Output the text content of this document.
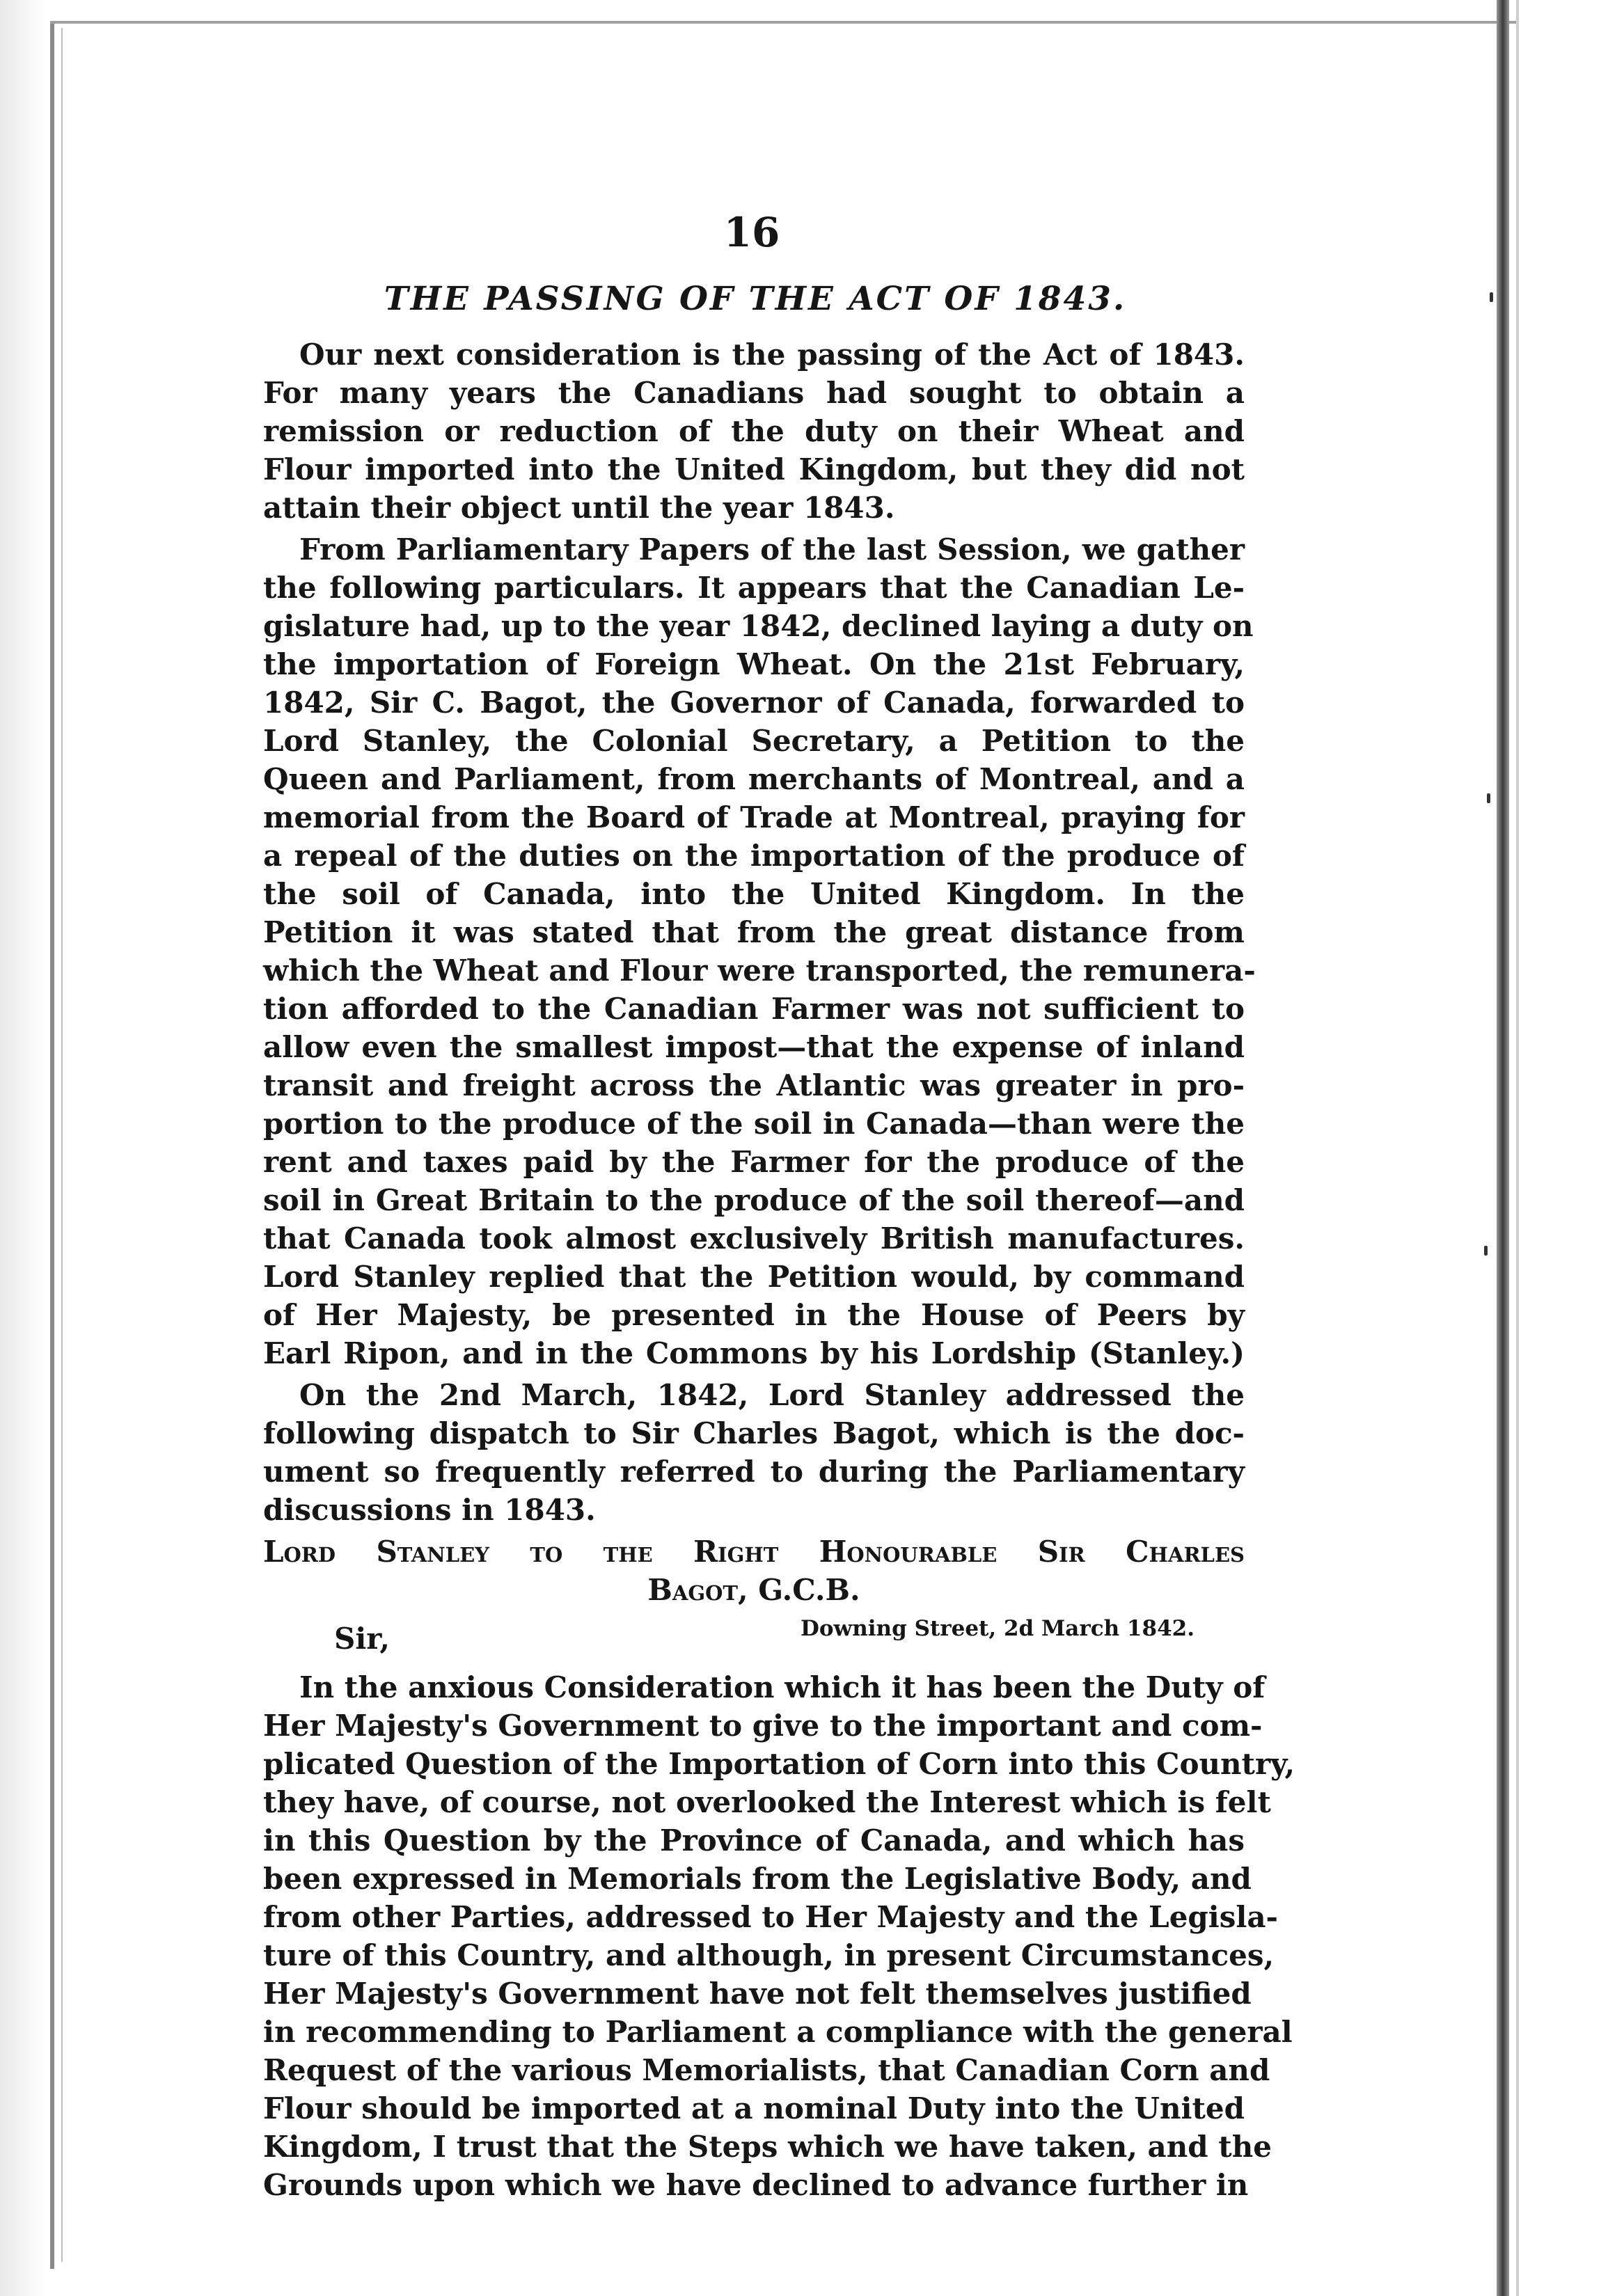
16
THE PASSING OF THE ACT OF 1843.

Our next consideration is the passing of the Act of 1843.

For many years the Canadians had sought to obtain a

remission or reduction of the duty on their Wheat and

Flour imported into the United Kingdom, but they did not

attain their object until the year 1843.

From Parliamentary Papers of the last Session, we gather

the following particulars. It appears that the Canadian Le-

gislature had, up to the year 1842, declined laying a duty on

the importation of Foreign Wheat. On the 21st February,

1842, Sir C. Bagot, the Governor of Canada, forwarded to

Lord Stanley, the Colonial Secretary, a Petition to the

Queen and Parliament, from merchants of Montreal, and a

memorial from the Board of Trade at Montreal, praying for

a repeal of the duties on the importation of the produce of

the soil of Canada, into the United Kingdom. In the

Petition it was stated that from the great distance from

which the Wheat and Flour were transported, the remunera-

tion afforded to the Canadian Farmer was not sufficient to

allow even the smallest impost—that the expense of inland

transit and freight across the Atlantic was greater in pro-

portion to the produce of the soil in Canada—than were the

rent and taxes paid by the Farmer for the produce of the

soil in Great Britain to the produce of the soil thereof—and

that Canada took almost exclusively British manufactures.

Lord Stanley replied that the Petition would, by command

of Her Majesty, be presented in the House of Peers by

Earl Ripon, and in the Commons by his Lordship (Stanley.)

On the 2nd March, 1842, Lord Stanley addressed the

following dispatch to Sir Charles Bagot, which is the doc-

ument so frequently referred to during the Parliamentary

discussions in 1843.

Lord Stanley to the Right Honourable Sir Charles

Bagot, G.C.B.

Sir,	Downing Street, 2d March 1842.

In the anxious Consideration which it has been the Duty of

Her Majesty's Government to give to the important and com-

plicated Question of the Importation of Corn into this Country,

they have, of course, not overlooked the Interest which is felt

in this Question by the Province of Canada, and which has

been expressed in Memorials from the Legislative Body, and

from other Parties, addressed to Her Majesty and the Legisla-

ture of this Country, and although, in present Circumstances,

Her Majesty's Government have not felt themselves justified

in recommending to Parliament a compliance with the general

Request of the various Memorialists, that Canadian Corn and

Flour should be imported at a nominal Duty into the United

Kingdom, I trust that the Steps which we have taken, and the

Grounds upon which we have declined to advance further in
